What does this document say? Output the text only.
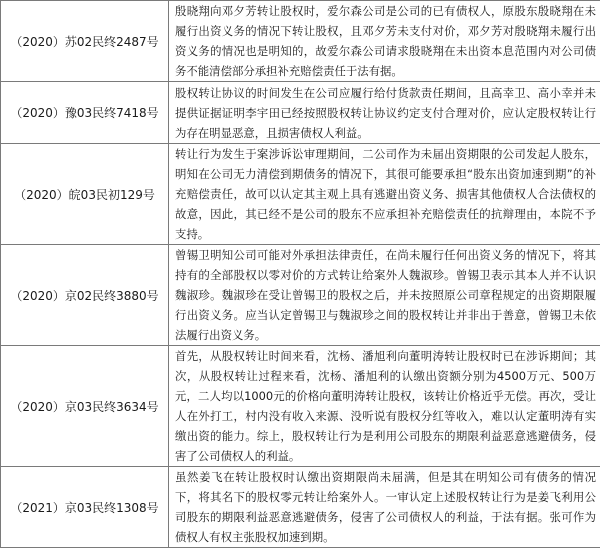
（2020）苏02民终2487号	殷晓翔向邓夕芳转让股权时，爱尔森公司是公司的已有债权人，原股东殷晓翔在未履行出资义务的情况下转让股权，且邓夕芳未支付对价，邓夕芳对殷晓翔未履行出资义务的情况也是明知的，故爱尔森公司请求殷晓翔在未出资本息范围内对公司债务不能清偿部分承担补充赔偿责任于法有据。
（2020）豫03民终7418号	股权转让协议的时间发生在公司应履行给付货款责任期间，且高幸卫、高小幸并未提供证据证明李宇田已经按照股权转让协议约定支付合理对价，应认定股权转让行为存在明显恶意，且损害债权人利益。
（2020）皖03民初129号	转让行为发生于案涉诉讼审理期间，二公司作为未届出资期限的公司发起人股东，明知在公司无力清偿到期债务的情况下，其很可能要承担“股东出资加速到期”的补充赔偿责任，故可以认定其主观上具有逃避出资义务、损害其他债权人合法债权的故意，因此，其已经不是公司的股东不应承担补充赔偿责任的抗辩理由，本院不予支持。
（2020）京02民终3880号	曾锡卫明知公司可能对外承担法律责任，在尚未履行任何出资义务的情况下，将其持有的全部股权以零对价的方式转让给案外人魏淑珍。曾锡卫表示其本人并不认识魏淑珍。魏淑珍在受让曾锡卫的股权之后，并未按照原公司章程规定的出资期限履行出资义务。应当认定曾锡卫与魏淑珍之间的股权转让并非出于善意，曾锡卫未依法履行出资义务。
（2020）京03民终3634号	首先，从股权转让时间来看，沈杨、潘旭利向董明涛转让股权时已在涉诉期间；其次，从股权转让过程来看，沈杨、潘旭利的认缴出资额分别为4500万元、500万元，二人均以1000元的价格向董明涛转让股权，该转让价格近乎无偿。再次，受让人在外打工，村内没有收入来源、没听说有股权分红等收入，难以认定董明涛有实缴出资的能力。综上，股权转让行为是利用公司股东的期限利益恶意逃避债务，侵害了公司债权人的利益。
（2021）京03民终1308号	虽然姜飞在转让股权时认缴出资期限尚未届满，但是其在明知公司有债务的情况下，将其名下的股权零元转让给案外人。一审认定上述股权转让行为是姜飞利用公司股东的期限利益恶意逃避债务，侵害了公司债权人的利益，于法有据。张可作为债权人有权主张股权加速到期。
